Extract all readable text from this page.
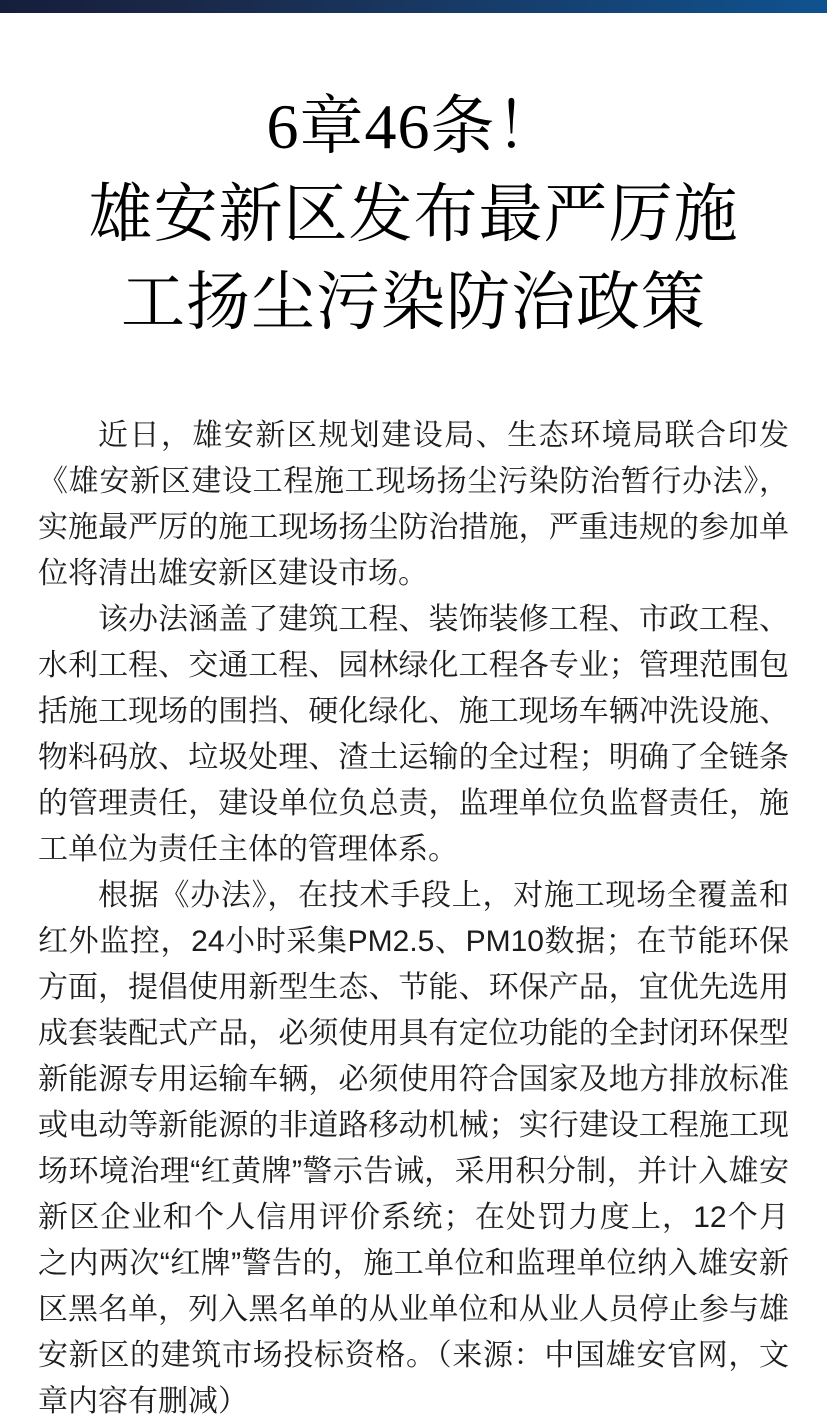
6章46条！
雄安新区发布最严厉施
工扬尘污染防治政策

近日，雄安新区规划建设局、生态环境局联合印发《雄安新区建设工程施工现场扬尘污染防治暂行办法》，实施最严厉的施工现场扬尘防治措施，严重违规的参加单位将清出雄安新区建设市场。

该办法涵盖了建筑工程、装饰装修工程、市政工程、水利工程、交通工程、园林绿化工程各专业；管理范围包括施工现场的围挡、硬化绿化、施工现场车辆冲洗设施、物料码放、垃圾处理、渣土运输的全过程；明确了全链条的管理责任，建设单位负总责，监理单位负监督责任，施工单位为责任主体的管理体系。

根据《办法》，在技术手段上，对施工现场全覆盖和红外监控，24小时采集PM2.5、PM10数据；在节能环保方面，提倡使用新型生态、节能、环保产品，宜优先选用成套装配式产品，必须使用具有定位功能的全封闭环保型新能源专用运输车辆，必须使用符合国家及地方排放标准或电动等新能源的非道路移动机械；实行建设工程施工现场环境治理“红黄牌”警示告诫，采用积分制，并计入雄安新区企业和个人信用评价系统；在处罚力度上，12个月之内两次“红牌”警告的，施工单位和监理单位纳入雄安新区黑名单，列入黑名单的从业单位和从业人员停止参与雄安新区的建筑市场投标资格。（来源：中国雄安官网，文章内容有删减）
